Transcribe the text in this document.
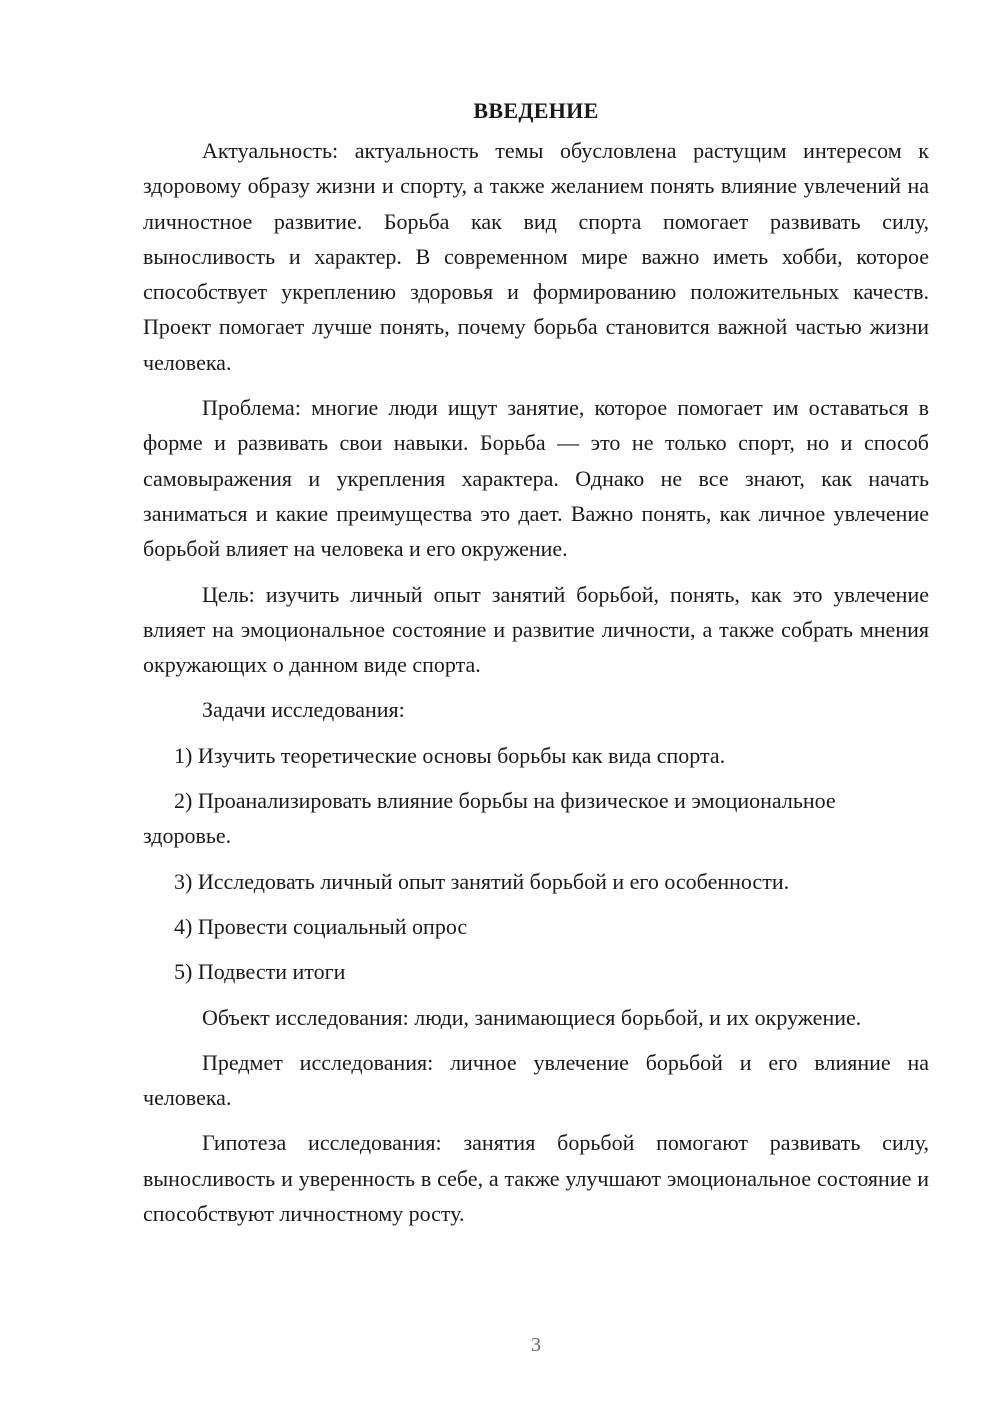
ВВЕДЕНИЕ

Актуальность: актуальность темы обусловлена растущим интересом к здоровому образу жизни и спорту, а также желанием понять влияние увлечений на личностное развитие. Борьба как вид спорта помогает развивать силу, выносливость и характер. В современном мире важно иметь хобби, которое способствует укреплению здоровья и формированию положительных качеств. Проект помогает лучше понять, почему борьба становится важной частью жизни человека.

Проблема: многие люди ищут занятие, которое помогает им оставаться в форме и развивать свои навыки. Борьба — это не только спорт, но и способ самовыражения и укрепления характера. Однако не все знают, как начать заниматься и какие преимущества это дает. Важно понять, как личное увлечение борьбой влияет на человека и его окружение.

Цель: изучить личный опыт занятий борьбой, понять, как это увлечение влияет на эмоциональное состояние и развитие личности, а также собрать мнения окружающих о данном виде спорта.

Задачи исследования:

1) Изучить теоретические основы борьбы как вида спорта.

2) Проанализировать влияние борьбы на физическое и эмоциональное здоровье.

3) Исследовать личный опыт занятий борьбой и его особенности.

4) Провести социальный опрос

5) Подвести итоги

Объект исследования: люди, занимающиеся борьбой, и их окружение.

Предмет исследования: личное увлечение борьбой и его влияние на человека.

Гипотеза исследования: занятия борьбой помогают развивать силу, выносливость и уверенность в себе, а также улучшают эмоциональное состояние и способствуют личностному росту.

3
